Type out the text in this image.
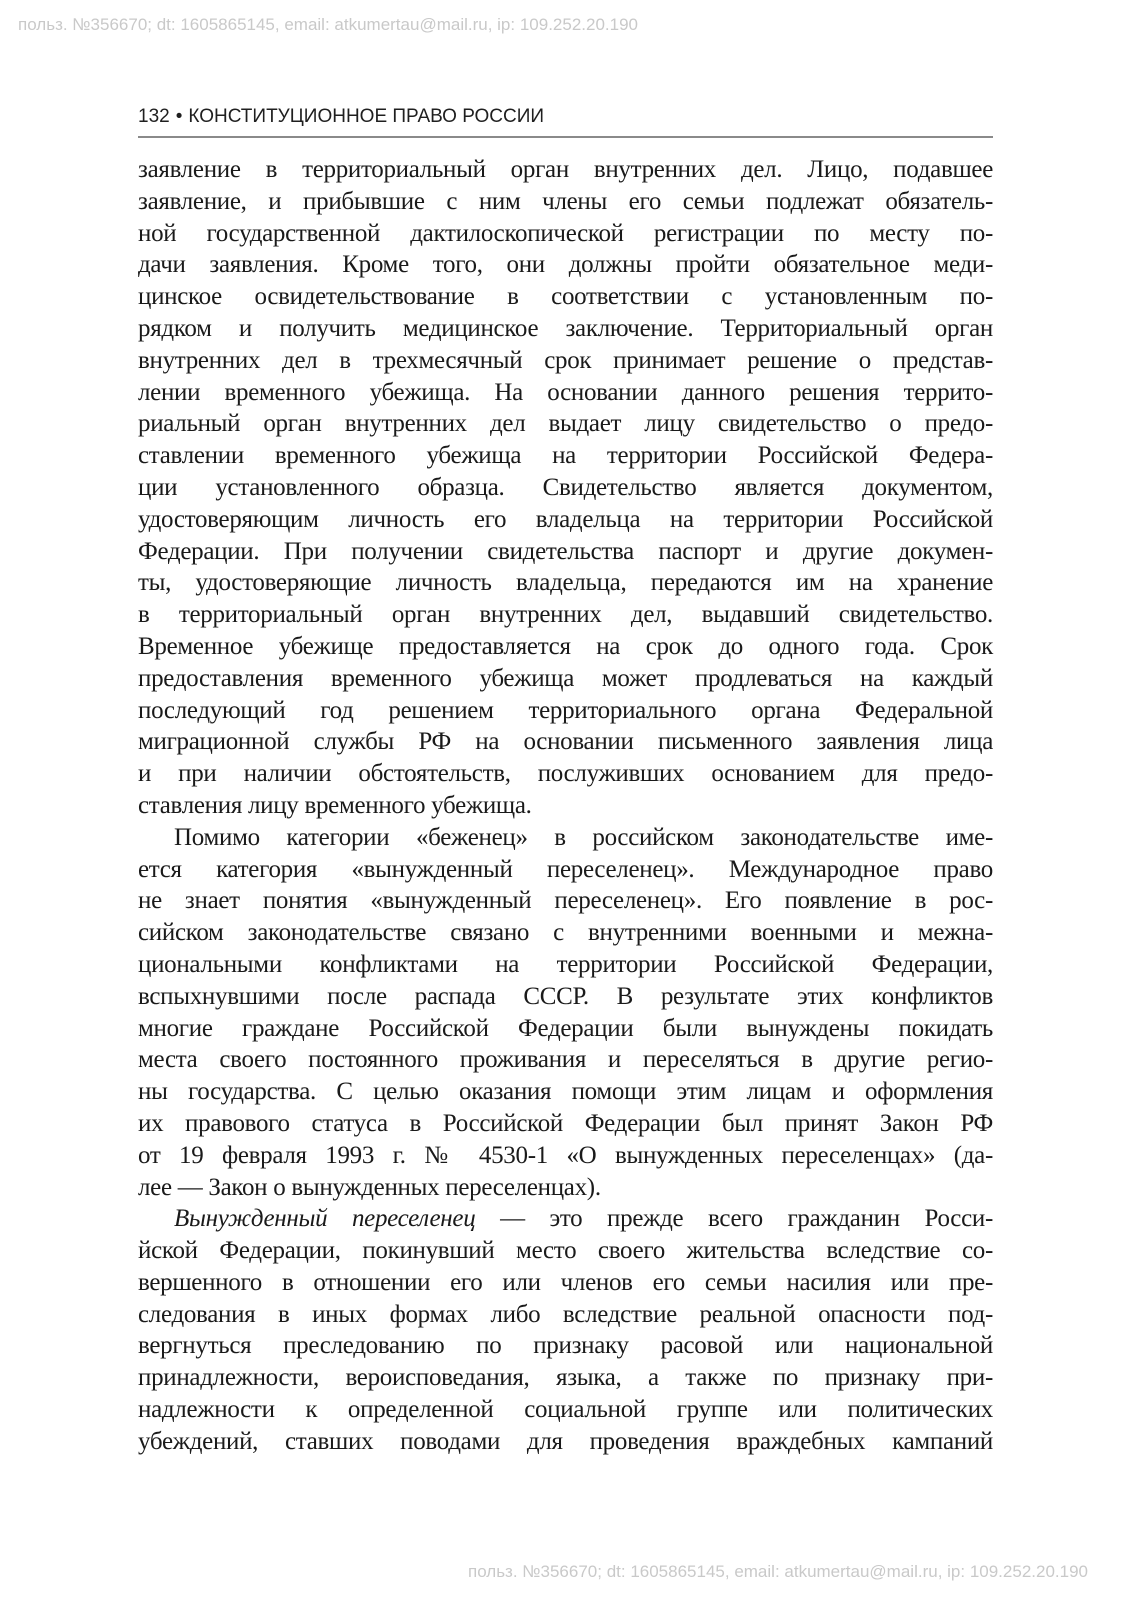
польз. №356670; dt: 1605865145, email: atkumertau@mail.ru, ip: 109.252.20.190
132 • КОНСТИТУЦИОННОЕ ПРАВО РОССИИ

заявление в территориальный орган внутренних дел. Лицо, подавшее
заявление, и прибывшие с ним члены его семьи подлежат обязатель-
ной государственной дактилоскопической регистрации по месту по-
дачи заявления. Кроме того, они должны пройти обязательное меди-
цинское освидетельствование в соответствии с установленным по-
рядком и получить медицинское заключение. Территориальный орган
внутренних дел в трехмесячный срок принимает решение о представ-
лении временного убежища. На основании данного решения террито-
риальный орган внутренних дел выдает лицу свидетельство о предо-
ставлении временного убежища на территории Российской Федера-
ции установленного образца. Свидетельство является документом,
удостоверяющим личность его владельца на территории Российской
Федерации. При получении свидетельства паспорт и другие докумен-
ты, удостоверяющие личность владельца, передаются им на хранение
в территориальный орган внутренних дел, выдавший свидетельство.
Временное убежище предоставляется на срок до одного года. Срок
предоставления временного убежища может продлеваться на каждый
последующий год решением территориального органа Федеральной
миграционной службы РФ на основании письменного заявления лица
и при наличии обстоятельств, послуживших основанием для предо-
ставления лицу временного убежища.

Помимо категории «беженец» в российском законодательстве име-
ется категория «вынужденный переселенец». Международное право
не знает понятия «вынужденный переселенец». Его появление в рос-
сийском законодательстве связано с внутренними военными и межна-
циональными конфликтами на территории Российской Федерации,
вспыхнувшими после распада СССР. В результате этих конфликтов
многие граждане Российской Федерации были вынуждены покидать
места своего постоянного проживания и переселяться в другие регио-
ны государства. С целью оказания помощи этим лицам и оформления
их правового статуса в Российской Федерации был принят Закон РФ
от 19 февраля 1993 г. № 4530-1 «О вынужденных переселенцах» (да-
лее — Закон о вынужденных переселенцах).

Вынужденный переселенец — это прежде всего гражданин Росси-
йской Федерации, покинувший место своего жительства вследствие со-
вершенного в отношении его или членов его семьи насилия или пре-
следования в иных формах либо вследствие реальной опасности под-
вергнуться преследованию по признаку расовой или национальной
принадлежности, вероисповедания, языка, а также по признаку при-
надлежности к определенной социальной группе или политических
убеждений, ставших поводами для проведения враждебных кампаний

польз. №356670; dt: 1605865145, email: atkumertau@mail.ru, ip: 109.252.20.190
